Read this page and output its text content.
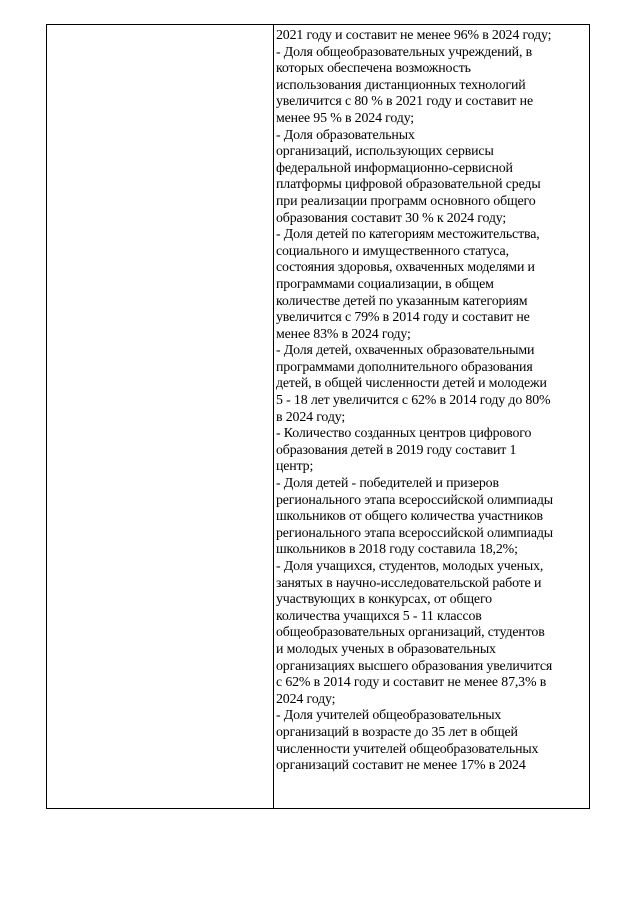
2021 году и составит не менее 96% в 2024 году;
- Доля общеобразовательных учреждений, в
которых обеспечена возможность
использования дистанционных технологий
увеличится с 80 % в 2021 году и составит не
менее 95 % в 2024 году;
- Доля образовательных
организаций, использующих сервисы
федеральной информационно-сервисной
платформы цифровой образовательной среды
при реализации программ основного общего
образования составит 30 % к 2024 году;
- Доля детей по категориям местожительства,
социального и имущественного статуса,
состояния здоровья, охваченных моделями и
программами социализации, в общем
количестве детей по указанным категориям
увеличится с 79% в 2014 году и составит не
менее 83% в 2024 году;
- Доля детей, охваченных образовательными
программами дополнительного образования
детей, в общей численности детей и молодежи
5 - 18 лет увеличится с 62% в 2014 году до 80%
в 2024 году;
- Количество созданных центров цифрового
образования детей в 2019 году составит 1
центр;
- Доля детей - победителей и призеров
регионального этапа всероссийской олимпиады
школьников от общего количества участников
регионального этапа всероссийской олимпиады
школьников в 2018 году составила 18,2%;
- Доля учащихся, студентов, молодых ученых,
занятых в научно-исследовательской работе и
участвующих в конкурсах, от общего
количества учащихся 5 - 11 классов
общеобразовательных организаций, студентов
и молодых ученых в образовательных
организациях высшего образования увеличится
с 62% в 2014 году и составит не менее 87,3% в
2024 году;
- Доля учителей общеобразовательных
организаций в возрасте до 35 лет в общей
численности учителей общеобразовательных
организаций составит не менее 17% в 2024
